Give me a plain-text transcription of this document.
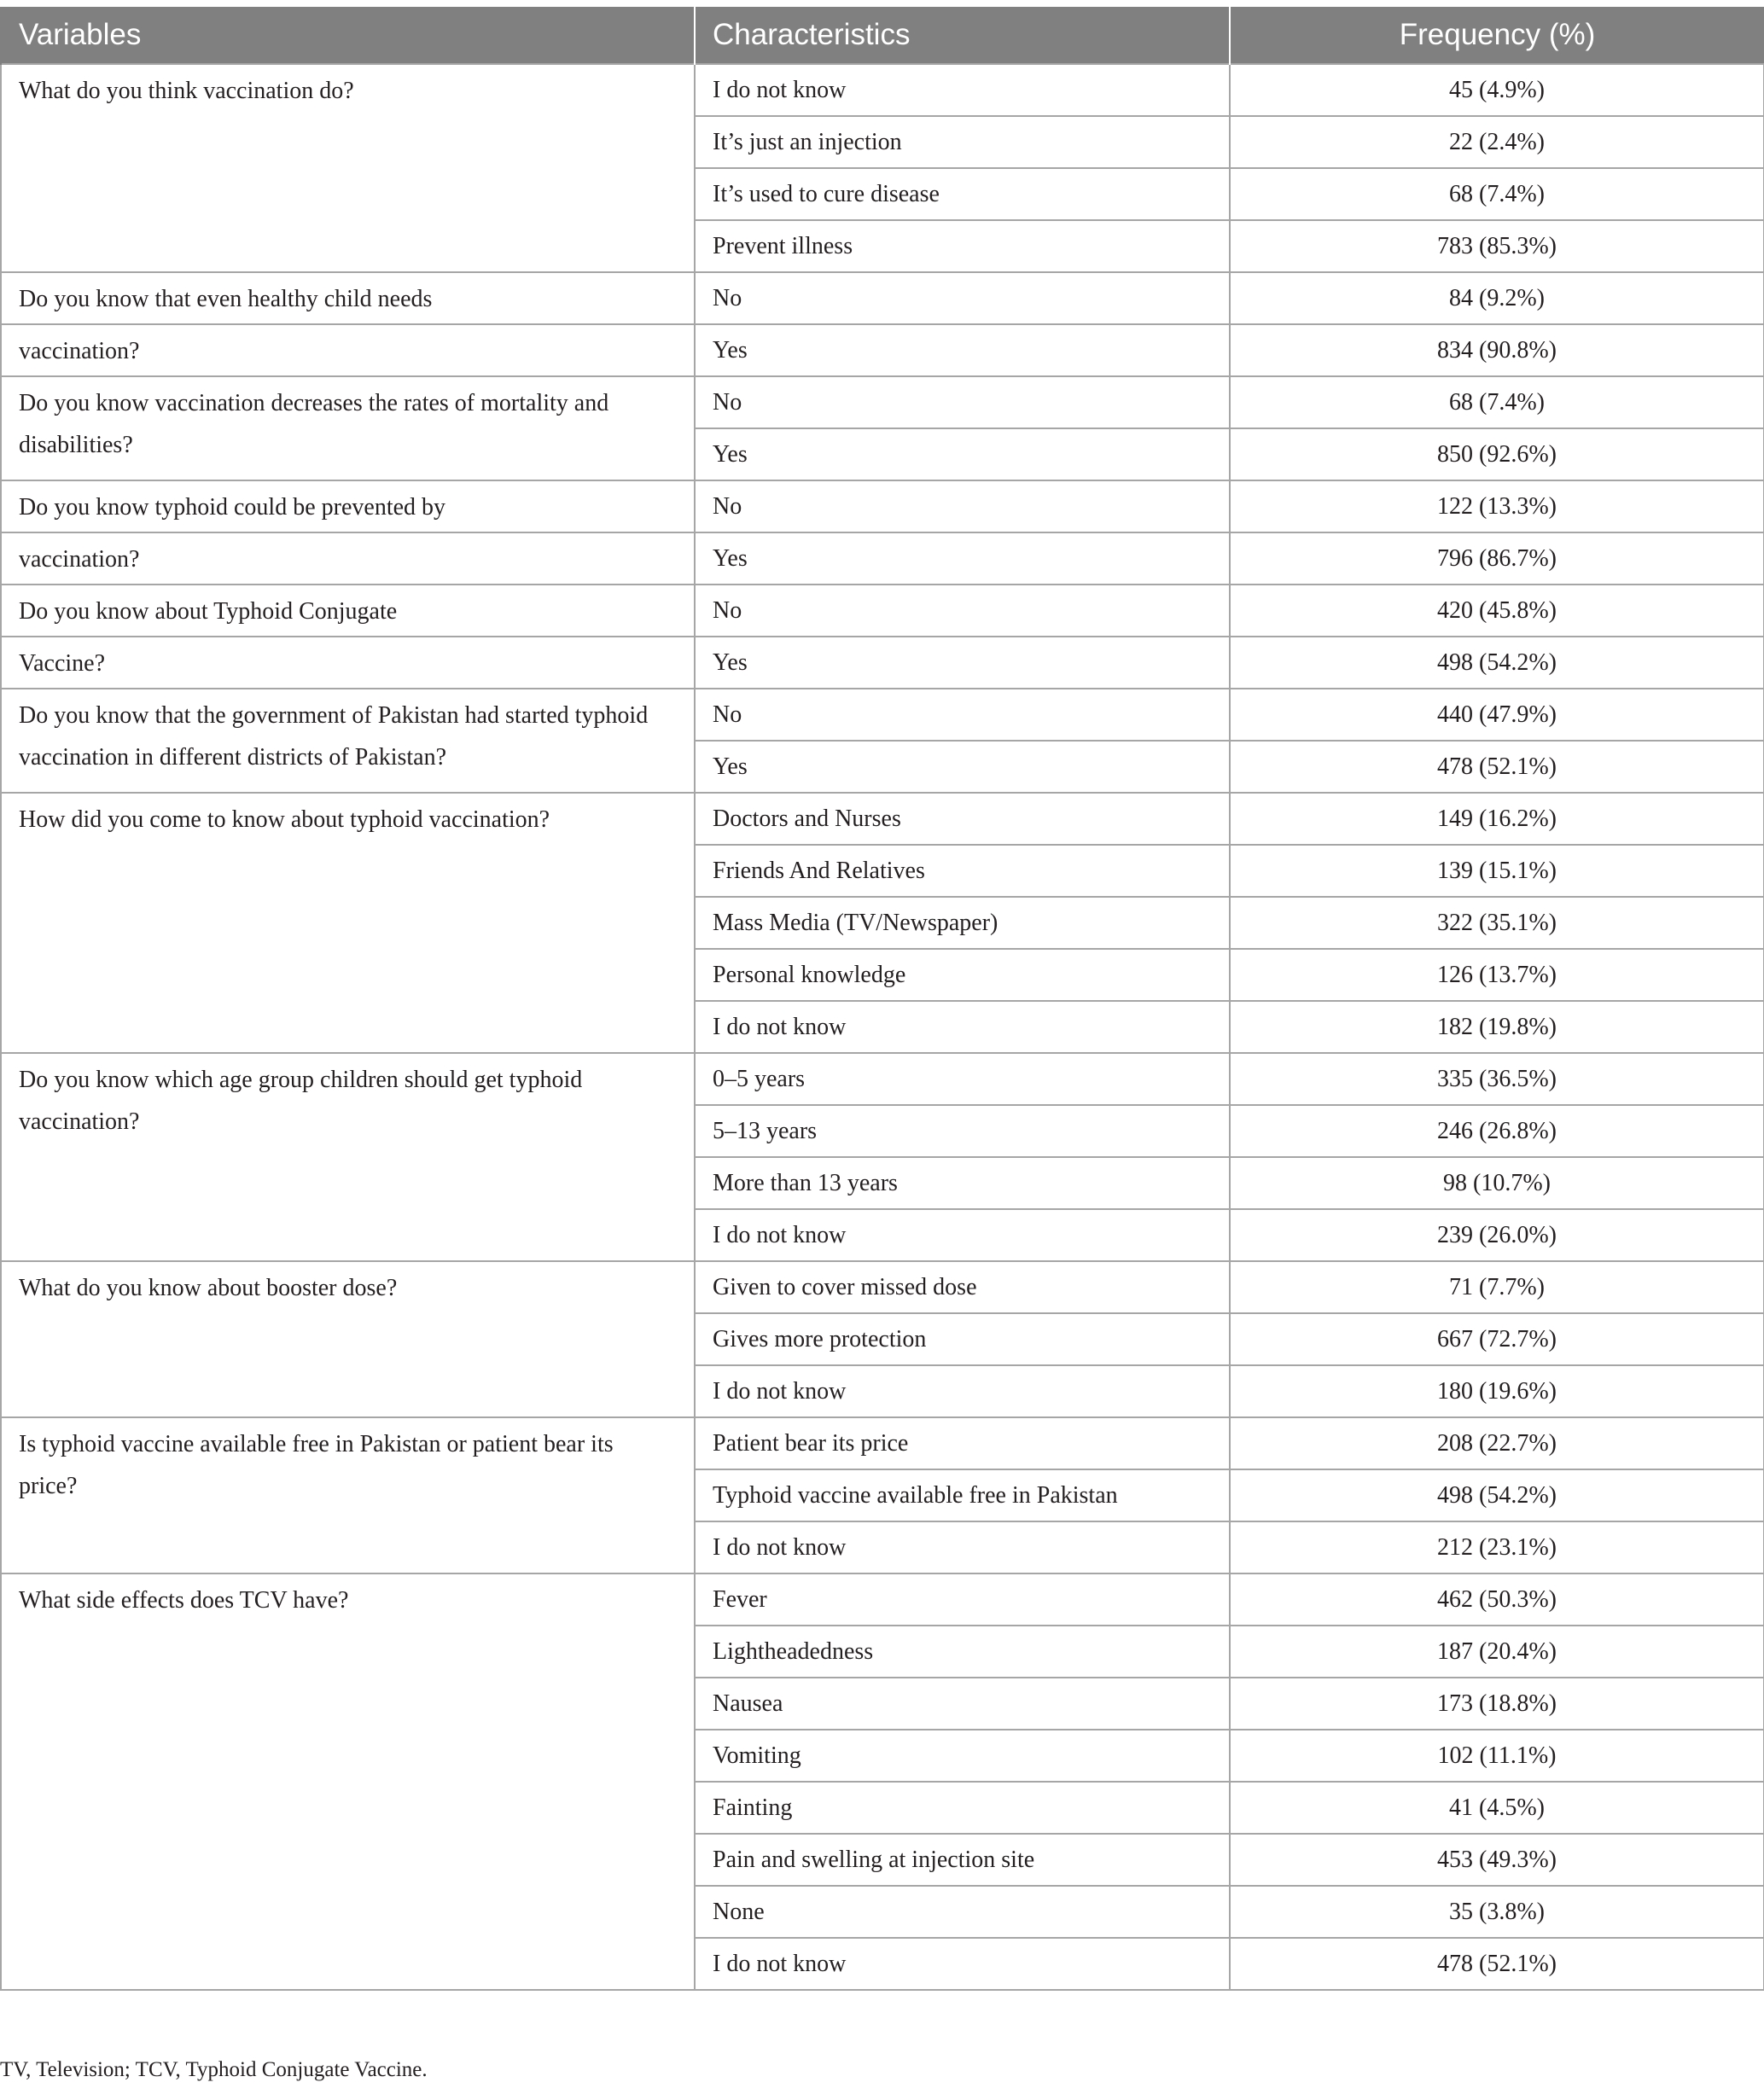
Variables	Characteristics	Frequency (%)
What do you think vaccination do?	I do not know	45 (4.9%)
	It’s just an injection	22 (2.4%)
	It’s used to cure disease	68 (7.4%)
	Prevent illness	783 (85.3%)
Do you know that even healthy child needs	No	84 (9.2%)
vaccination?	Yes	834 (90.8%)
Do you know vaccination decreases the rates of mortality and disabilities?	No	68 (7.4%)
	Yes	850 (92.6%)
Do you know typhoid could be prevented by	No	122 (13.3%)
vaccination?	Yes	796 (86.7%)
Do you know about Typhoid Conjugate	No	420 (45.8%)
Vaccine?	Yes	498 (54.2%)
Do you know that the government of Pakistan had started typhoid vaccination in different districts of Pakistan?	No	440 (47.9%)
	Yes	478 (52.1%)
How did you come to know about typhoid vaccination?	Doctors and Nurses	149 (16.2%)
	Friends And Relatives	139 (15.1%)
	Mass Media (TV/Newspaper)	322 (35.1%)
	Personal knowledge	126 (13.7%)
	I do not know	182 (19.8%)
Do you know which age group children should get typhoid vaccination?	0–5 years	335 (36.5%)
	5–13 years	246 (26.8%)
	More than 13 years	98 (10.7%)
	I do not know	239 (26.0%)
What do you know about booster dose?	Given to cover missed dose	71 (7.7%)
	Gives more protection	667 (72.7%)
	I do not know	180 (19.6%)
Is typhoid vaccine available free in Pakistan or patient bear its price?	Patient bear its price	208 (22.7%)
	Typhoid vaccine available free in Pakistan	498 (54.2%)
	I do not know	212 (23.1%)
What side effects does TCV have?	Fever	462 (50.3%)
	Lightheadedness	187 (20.4%)
	Nausea	173 (18.8%)
	Vomiting	102 (11.1%)
	Fainting	41 (4.5%)
	Pain and swelling at injection site	453 (49.3%)
	None	35 (3.8%)
	I do not know	478 (52.1%)
TV, Television; TCV, Typhoid Conjugate Vaccine.
